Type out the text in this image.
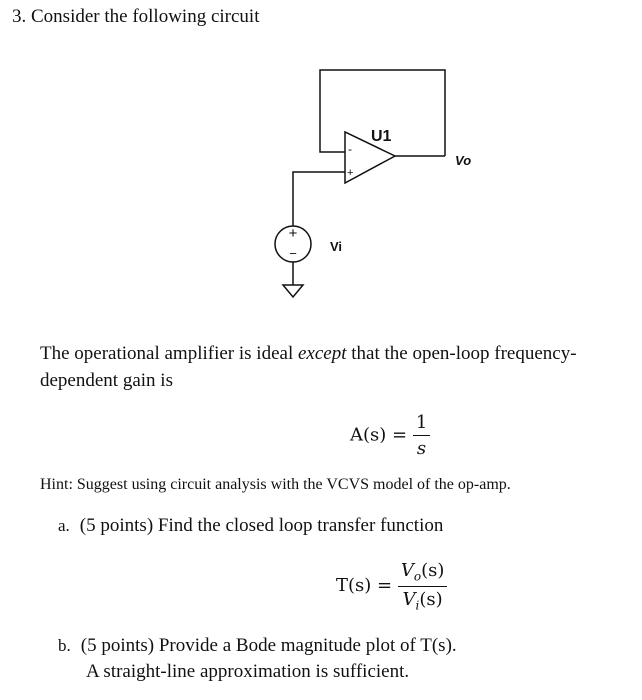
3. Consider the following circuit
U1
-
+
Vo
Vi
+
−
The operational amplifier is ideal except that the open-loop frequency-
dependent gain is
$A(s) = \frac{1}{s}$
Hint: Suggest using circuit analysis with the VCVS model of the op-amp.
a. (5 points) Find the closed loop transfer function
$T(s) = \frac{V_o(s)}{V_i(s)}$
b. (5 points) Provide a Bode magnitude plot of T(s).
A straight-line approximation is sufficient.
